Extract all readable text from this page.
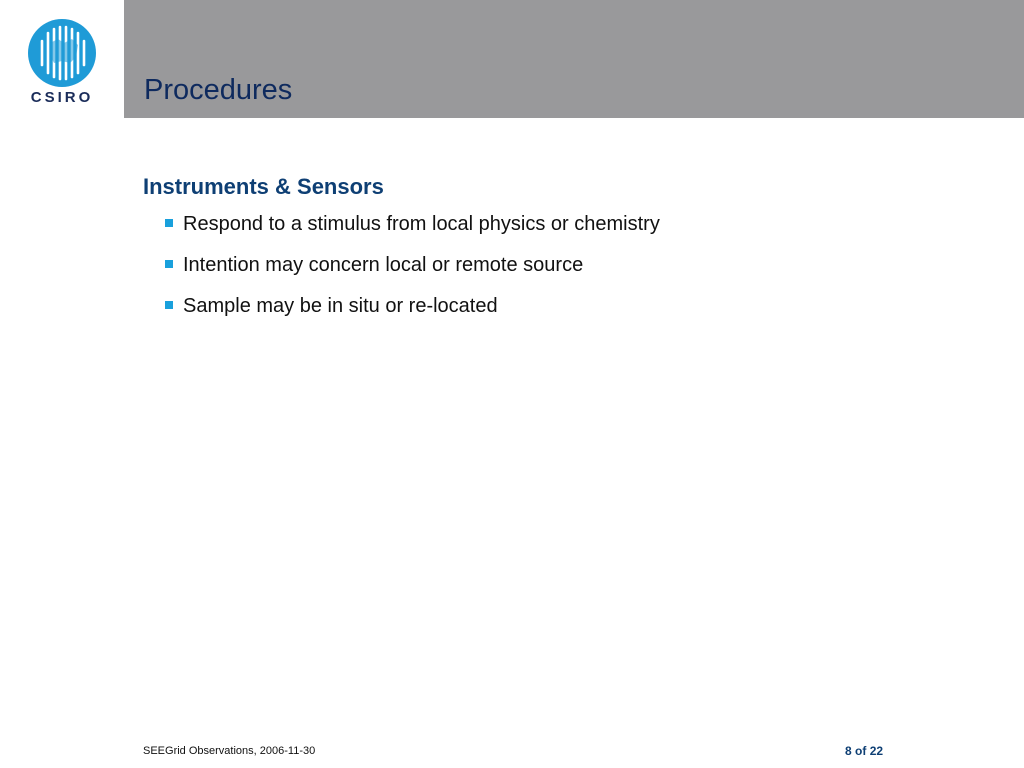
CSIRO	Procedures
Instruments & Sensors
Respond to a stimulus from local physics or chemistry
Intention may concern local or remote source
Sample may be in situ or re-located
SEEGrid Observations, 2006-11-30	8 of 22
